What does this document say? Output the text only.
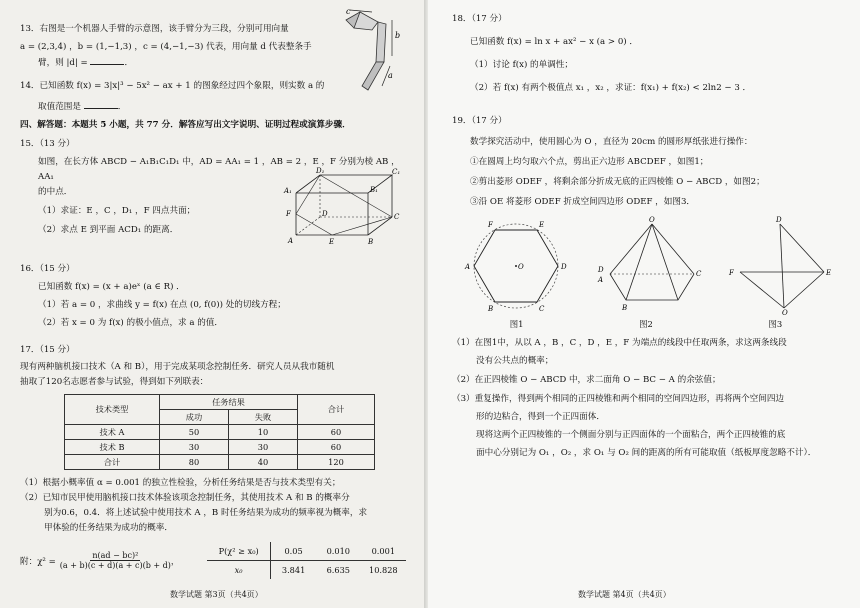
13．右图是一个机器人手臂的示意图，该手臂分为三段，分别可用向量

a = (2,3,4) ，b = (1,−1,3) ，c = (4,−1,−3) 代表，用向量 d 代表整条手

臂，则 |d| =	．

c
b
a

14．已知函数 f(x) = 3|x|³ − 5x² − ax + 1 的图象经过四个象限，则实数 a 的

取值范围是	．

四、解答题：本题共 5 小题，共 77 分．解答应写出文字说明、证明过程或演算步骤．

15．（13 分）

如图，在长方体 ABCD − A₁B₁C₁D₁ 中，AD = AA₁ = 1 ，AB = 2 ，E ，F 分别为棱 AB ，AA₁

的中点．

（1）求证：E ，C ，D₁ ，F 四点共面；

（2）求点 E 到平面 ACD₁ 的距离．

D₁	C₁
A₁	B₁
F	D	C
A	E	B

16．（15 分）

已知函数 f(x) = (x + a)eˣ (a ∈ R) ．

（1）若 a = 0 ，求曲线 y = f(x) 在点 (0, f(0)) 处的切线方程；

（2）若 x = 0 为 f(x) 的极小值点，求 a 的值．

17．（15 分）

现有两种脑机接口技术（A 和 B），用于完成某项念控制任务．研究人员从我市随机

抽取了120名志愿者参与试验，得到如下列联表：

技术类型	任务结果		合计
	成功	失败	
技术 A	50	10	60
技术 B	30	30	60
合计	80	40	120

（1）根据小概率值 α = 0.001 的独立性检验，分析任务结果是否与技术类型有关；

（2）已知市民甲使用脑机接口技术体验该项念控制任务，其使用技术 A 和 B 的概率分

别为0.6，0.4．将上述试验中使用技术 A ，B 时任务结果为成功的频率视为概率，求

甲体验的任务结果为成功的概率．

附：$\chi^2 = \frac{\text{n(ad − bc)²}}{(a + b)(c + d)(a + c)(b + d)}$ ，
P(χ² ≥ x₀)	0.05	0.010	0.001
x₀	3.841	6.635	10.828
数学试题 第3页（共4页）

18．（17 分）

已知函数 f(x) = ln x + ax² − x (a > 0) ．

（1）讨论 f(x) 的单调性；

（2）若 f(x) 有两个极值点 x₁ ，x₂ ，求证：f(x₁) + f(x₂) < 2ln2 − 3 ．

19．（17 分）

数学探究活动中，使用圆心为 O ，直径为 20cm 的圆形厚纸张进行操作：

①在圆周上均匀取六个点，剪出正六边形 ABCDEF ，如图1；

②剪出菱形 ODEF ，将剩余部分折成无底的正四棱锥 O − ABCD ，如图2；

③沿 OE 将菱形 ODEF 折成空间四边形 ODEF ，如图3．

F	E
A	D
B	C
O
O
D
A
C
B
D
F	E
O
图1	图2	图3

（1）在图1中，从以 A ，B ，C ，D ，E ，F 为端点的线段中任取两条，求这两条线段

没有公共点的概率；

（2）在正四棱锥 O − ABCD 中，求二面角 O − BC − A 的余弦值；

（3）重复操作，得到两个相同的正四棱锥和两个相同的空间四边形，再将两个空间四边

形的边粘合，得到一个正四面体．

现将这两个正四棱锥的一个侧面分别与正四面体的一个面粘合，两个正四棱锥的底

面中心分别记为 O₁ ，O₂ ，求 O₁ 与 O₂ 间的距离的所有可能取值（纸板厚度忽略不计）．

数学试题 第4页（共4页）
